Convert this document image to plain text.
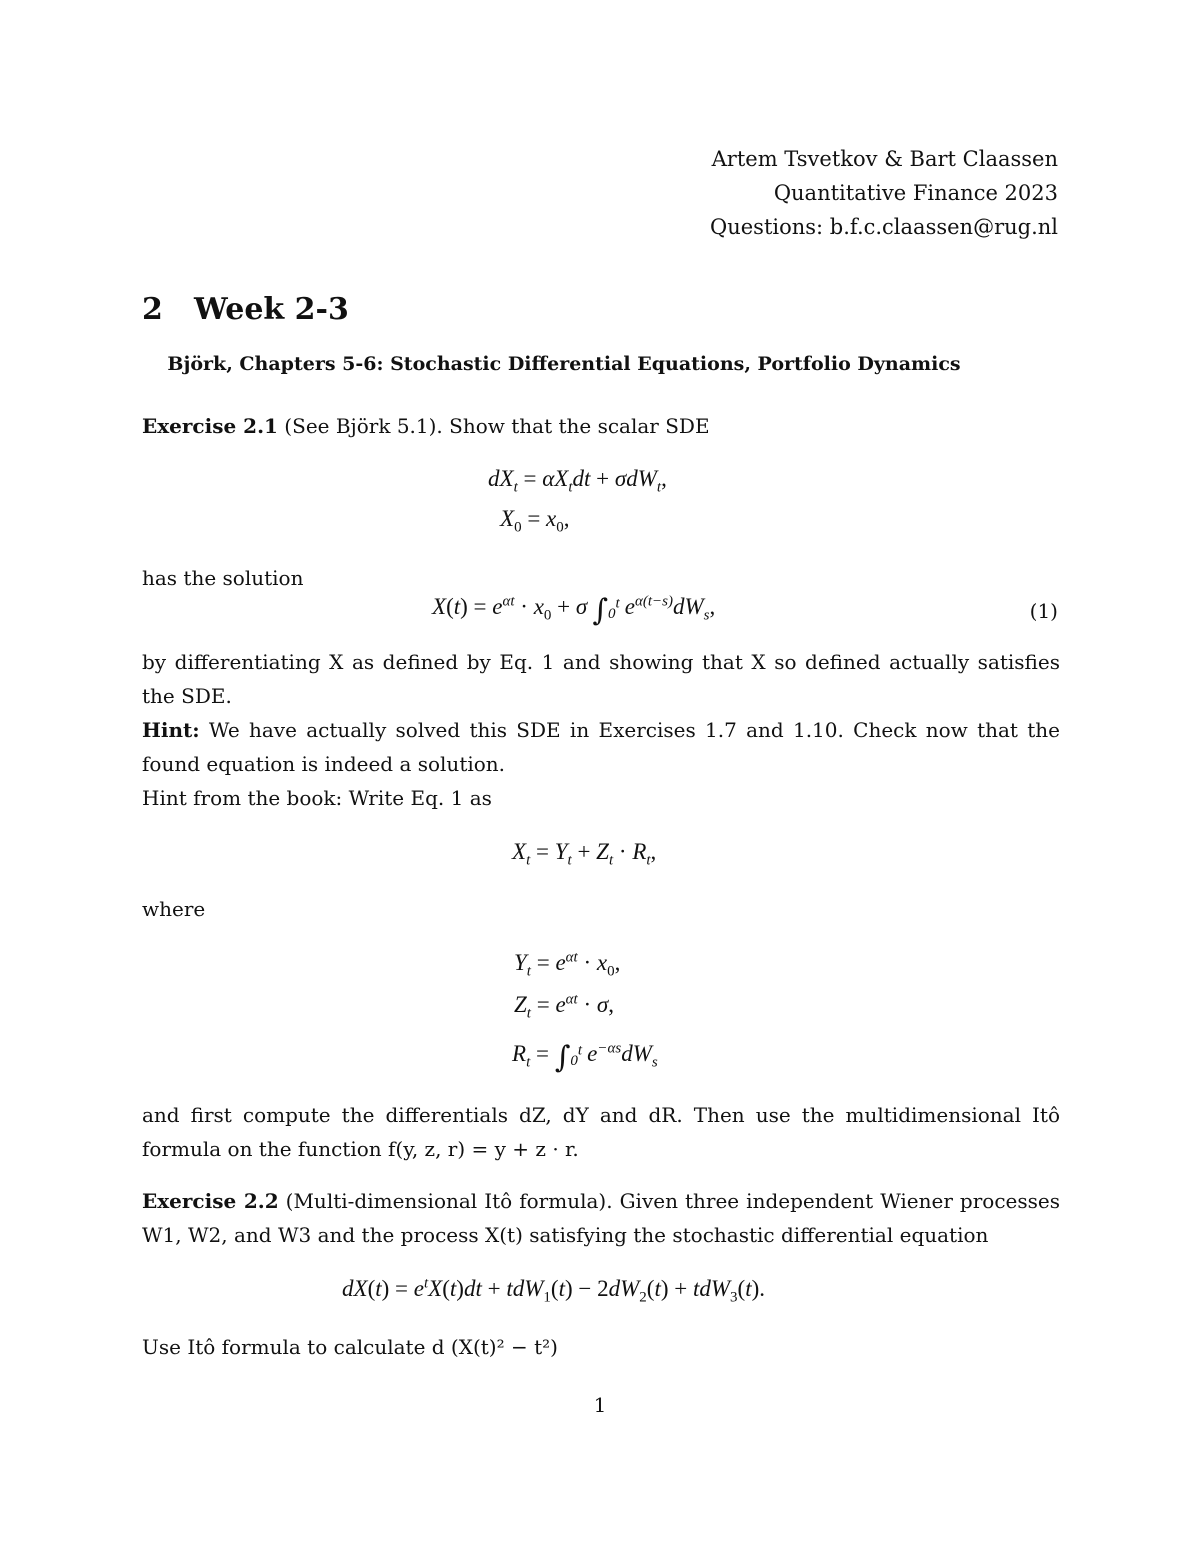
Artem Tsvetkov & Bart Claassen
Quantitative Finance 2023
Questions: b.f.c.claassen@rug.nl
2 Week 2-3
Björk, Chapters 5-6: Stochastic Differential Equations, Portfolio Dynamics
Exercise 2.1 (See Björk 5.1). Show that the scalar SDE
$dX_t = \alpha X_tdt + \sigma dW_t$,
$X_0 = x_0$,
has the solution
$X(t) = e^{\alpha t} \cdot x_0 + \sigma$ $\int_0^t$ $e^{\alpha(t-s)}dW_s$,	(1)
by differentiating X as defined by Eq. 1 and showing that X so defined actually satisfies the SDE.
Hint: We have actually solved this SDE in Exercises 1.7 and 1.10. Check now that the found equation is indeed a solution.
Hint from the book: Write Eq. 1 as
$X_t = Y_t + Z_t \cdot R_t$,
where
$Y_t = e^{\alpha t} \cdot x_0$,
$Z_t = e^{\alpha t} \cdot \sigma$,
$R_t = \int_0^t$ $e^{-\alpha s}dW_s$
and first compute the differentials dZ, dY and dR. Then use the multidimensional Itô formula on the function f(y, z, r) = y + z · r.
Exercise 2.2 (Multi-dimensional Itô formula). Given three independent Wiener processes W1, W2, and W3 and the process X(t) satisfying the stochastic differential equation
$dX(t) = e^tX(t)dt + tdW_1(t) - 2dW_2(t) + tdW_3(t)$.
Use Itô formula to calculate d (X(t)² − t²)
1
